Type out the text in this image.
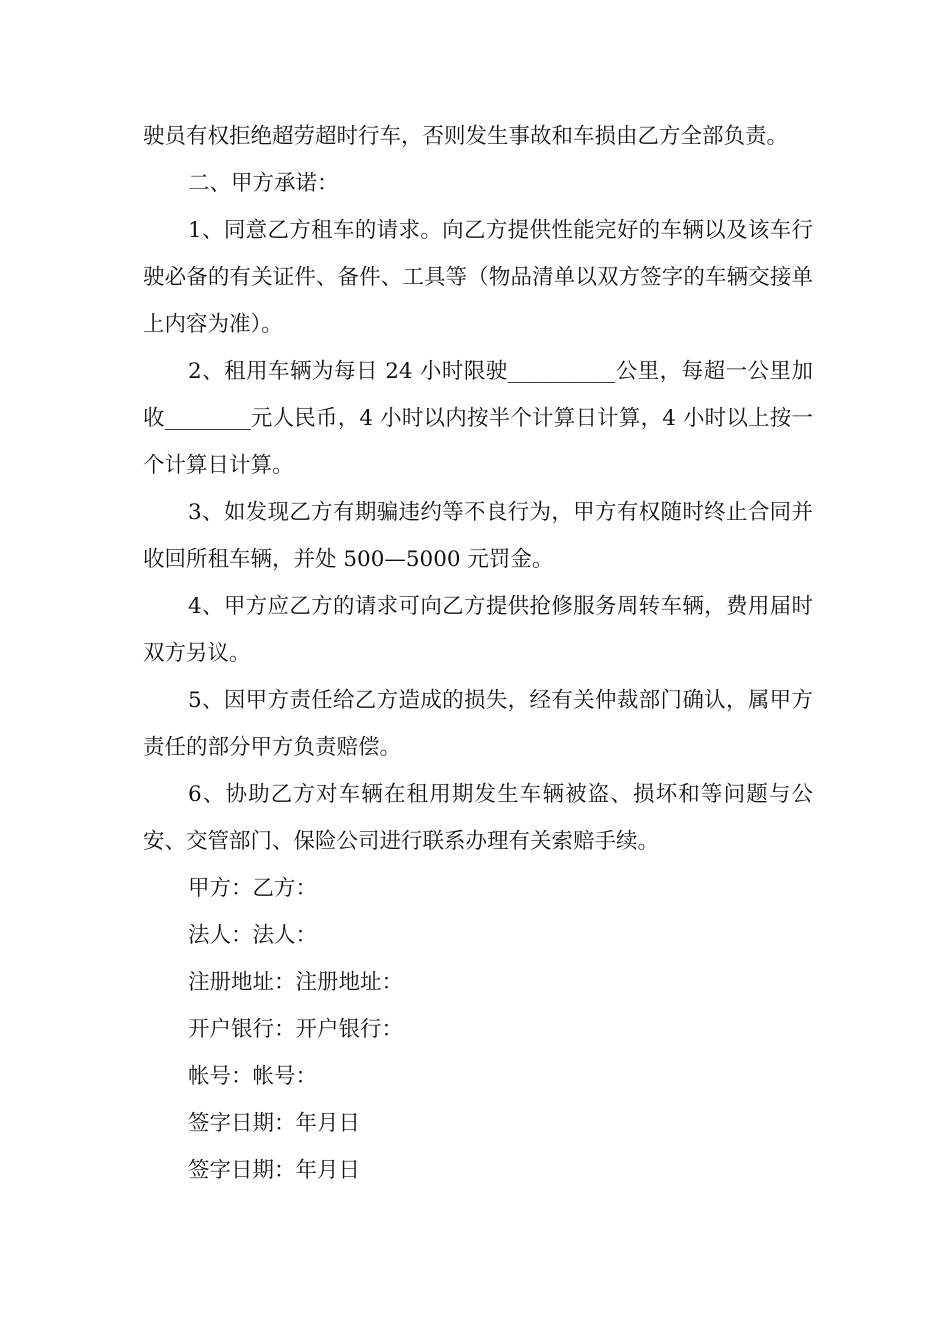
驶员有权拒绝超劳超时行车，否则发生事故和车损由乙方全部负责。

二、甲方承诺：

1、同意乙方租车的请求。向乙方提供性能完好的车辆以及该车行驶必备的有关证件、备件、工具等（物品清单以双方签字的车辆交接单上内容为准）。

2、租用车辆为每日 24 小时限驶__________公里，每超一公里加收________元人民币，4 小时以内按半个计算日计算，4 小时以上按一个计算日计算。

3、如发现乙方有期骗违约等不良行为，甲方有权随时终止合同并收回所租车辆，并处 500—5000 元罚金。

4、甲方应乙方的请求可向乙方提供抢修服务周转车辆，费用届时双方另议。

5、因甲方责任给乙方造成的损失，经有关仲裁部门确认，属甲方责任的部分甲方负责赔偿。

6、协助乙方对车辆在租用期发生车辆被盗、损坏和等问题与公安、交管部门、保险公司进行联系办理有关索赔手续。

甲方：乙方：

法人：法人：

注册地址：注册地址：

开户银行：开户银行：

帐号：帐号：

签字日期：年月日

签字日期：年月日
